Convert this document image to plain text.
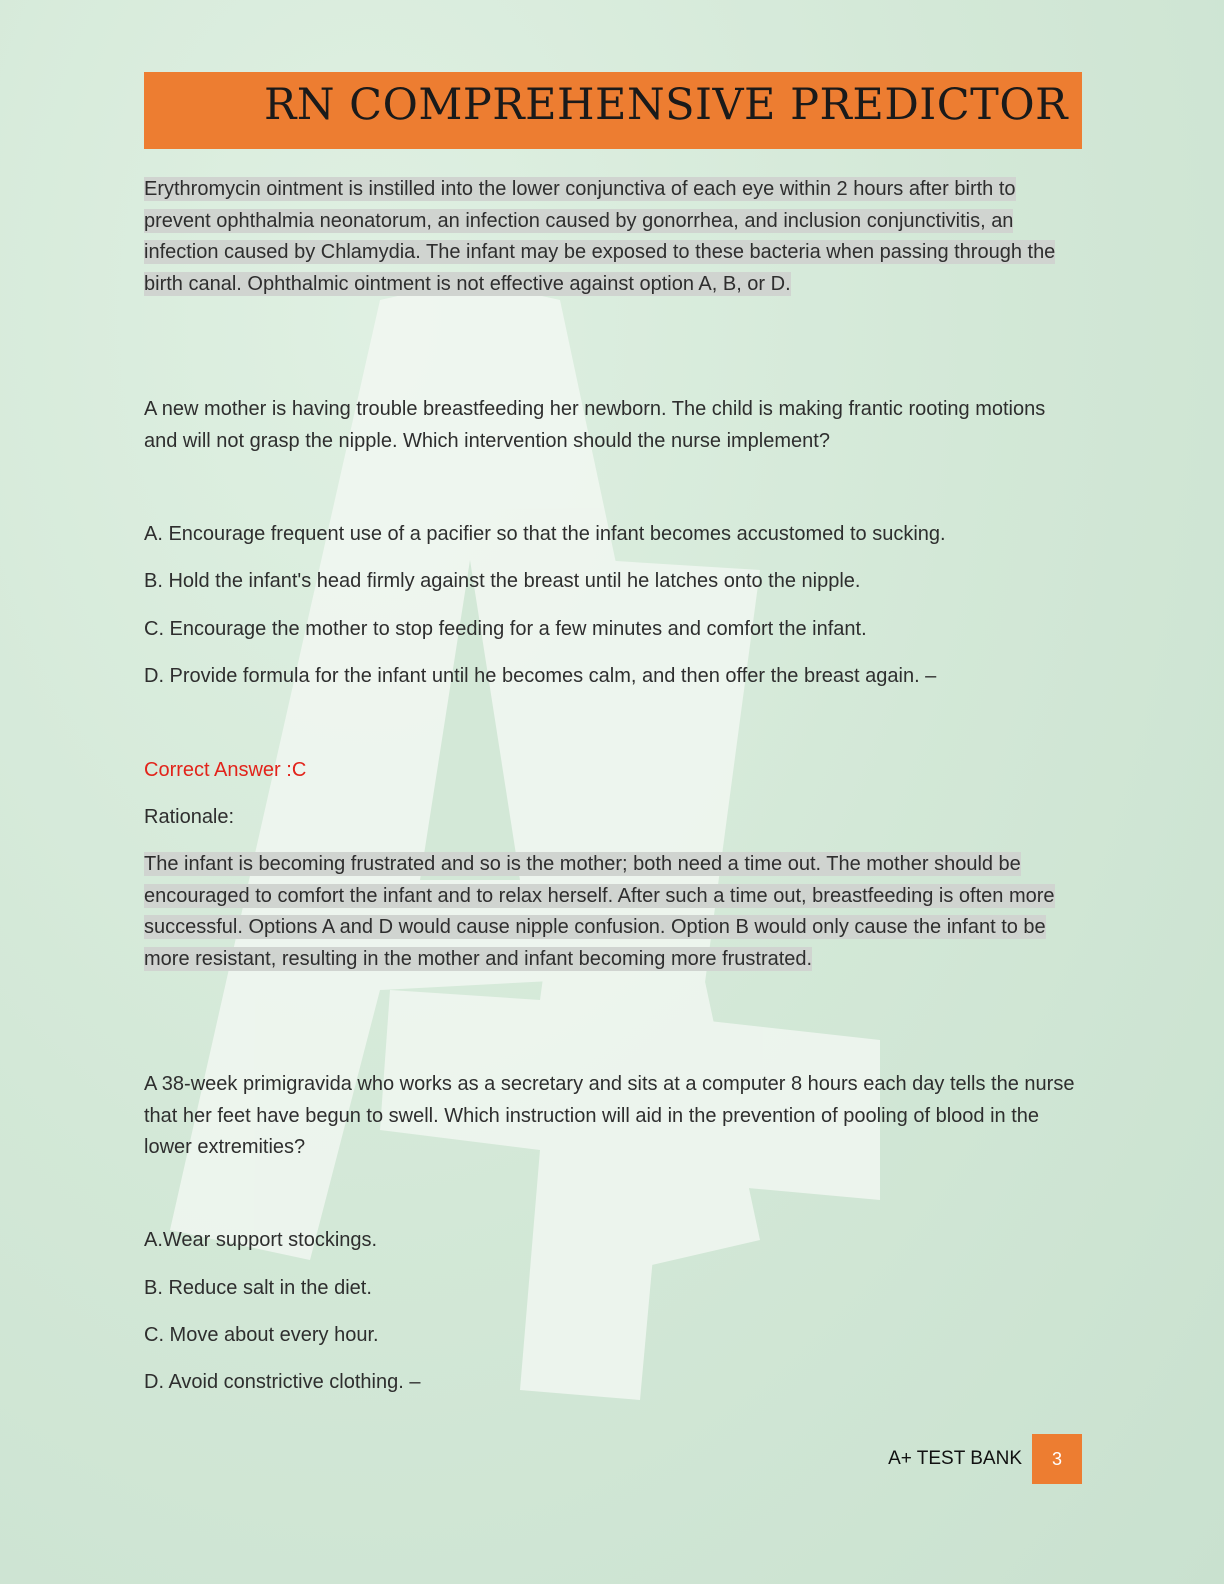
RN COMPREHENSIVE PREDICTOR
Erythromycin ointment is instilled into the lower conjunctiva of each eye within 2 hours after birth to prevent ophthalmia neonatorum, an infection caused by gonorrhea, and inclusion conjunctivitis, an infection caused by Chlamydia. The infant may be exposed to these bacteria when passing through the birth canal. Ophthalmic ointment is not effective against option A, B, or D.
A new mother is having trouble breastfeeding her newborn. The child is making frantic rooting motions and will not grasp the nipple. Which intervention should the nurse implement?
A. Encourage frequent use of a pacifier so that the infant becomes accustomed to sucking.
B. Hold the infant's head firmly against the breast until he latches onto the nipple.
C. Encourage the mother to stop feeding for a few minutes and comfort the infant.
D. Provide formula for the infant until he becomes calm, and then offer the breast again. –
Correct Answer :C
Rationale:
The infant is becoming frustrated and so is the mother; both need a time out. The mother should be encouraged to comfort the infant and to relax herself. After such a time out, breastfeeding is often more successful. Options A and D would cause nipple confusion. Option B would only cause the infant to be more resistant, resulting in the mother and infant becoming more frustrated.
A 38-week primigravida who works as a secretary and sits at a computer 8 hours each day tells the nurse that her feet have begun to swell. Which instruction will aid in the prevention of pooling of blood in the lower extremities?
A.Wear support stockings.
B. Reduce salt in the diet.
C. Move about every hour.
D. Avoid constrictive clothing. –
A+ TEST BANK 3
